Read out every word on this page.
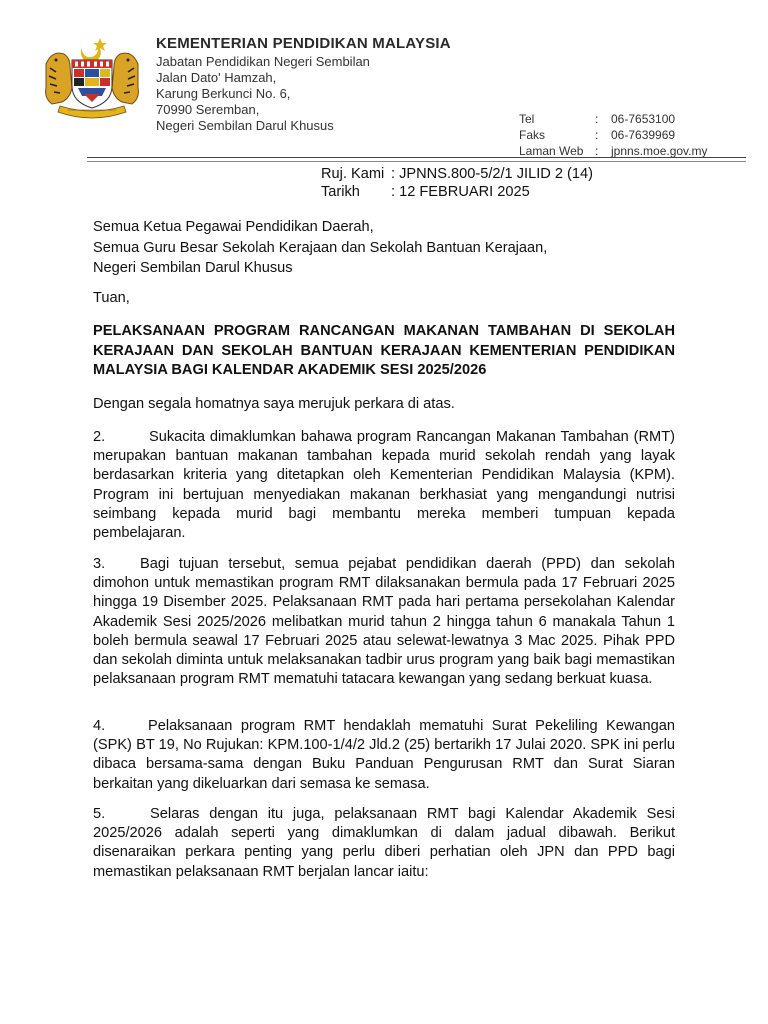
KEMENTERIAN PENDIDIKAN MALAYSIA
Jabatan Pendidikan Negeri Sembilan
Jalan Dato' Hamzah,
Karung Berkunci No. 6,
70990 Seremban,
Negeri Sembilan Darul Khusus	Tel	:	06-7653100
Faks	:	06-7639969
Laman Web :	jpnns.moe.gov.my
Ruj. Kami : JPNNS.800-5/2/1 JILID 2 (14)
Tarikh	: 12 FEBRUARI 2025
Semua Ketua Pegawai Pendidikan Daerah,
Semua Guru Besar Sekolah Kerajaan dan Sekolah Bantuan Kerajaan,
Negeri Sembilan Darul Khusus
Tuan,
PELAKSANAAN PROGRAM RANCANGAN MAKANAN TAMBAHAN DI SEKOLAH KERAJAAN DAN SEKOLAH BANTUAN KERAJAAN KEMENTERIAN PENDIDIKAN MALAYSIA BAGI KALENDAR AKADEMIK SESI 2025/2026
Dengan segala homatnya saya merujuk perkara di atas.
2.	Sukacita dimaklumkan bahawa program Rancangan Makanan Tambahan (RMT) merupakan bantuan makanan tambahan kepada murid sekolah rendah yang layak berdasarkan kriteria yang ditetapkan oleh Kementerian Pendidikan Malaysia (KPM). Program ini bertujuan menyediakan makanan berkhasiat yang mengandungi nutrisi seimbang kepada murid bagi membantu mereka memberi tumpuan kepada pembelajaran.
3. Bagi tujuan tersebut, semua pejabat pendidikan daerah (PPD) dan sekolah dimohon untuk memastikan program RMT dilaksanakan bermula pada 17 Februari 2025 hingga 19 Disember 2025. Pelaksanaan RMT pada hari pertama persekolahan Kalendar Akademik Sesi 2025/2026 melibatkan murid tahun 2 hingga tahun 6 manakala Tahun 1 boleh bermula seawal 17 Februari 2025 atau selewat-lewatnya 3 Mac 2025. Pihak PPD dan sekolah diminta untuk melaksanakan tadbir urus program yang baik bagi memastikan pelaksanaan program RMT mematuhi tatacara kewangan yang sedang berkuat kuasa.
4.	Pelaksanaan program RMT hendaklah mematuhi Surat Pekeliling Kewangan (SPK) BT 19, No Rujukan: KPM.100-1/4/2 Jld.2 (25) bertarikh 17 Julai 2020. SPK ini perlu dibaca bersama-sama dengan Buku Panduan Pengurusan RMT dan Surat Siaran berkaitan yang dikeluarkan dari semasa ke semasa.
5.	Selaras dengan itu juga, pelaksanaan RMT bagi Kalendar Akademik Sesi 2025/2026 adalah seperti yang dimaklumkan di dalam jadual dibawah. Berikut disenaraikan perkara penting yang perlu diberi perhatian oleh JPN dan PPD bagi memastikan pelaksanaan RMT berjalan lancar iaitu:
